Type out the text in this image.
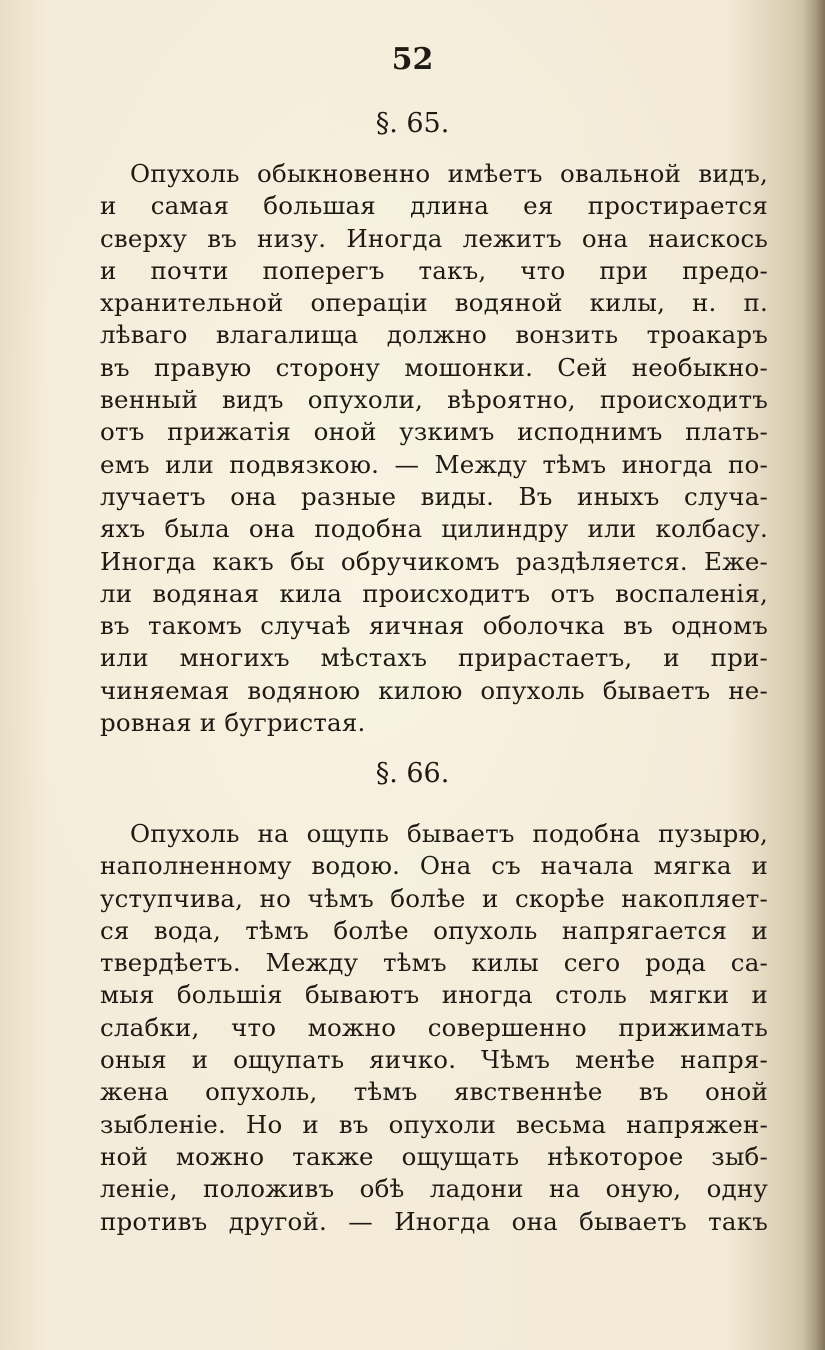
52
§. 65.
Опухоль обыкновенно имѣетъ овальной видъ,
и самая большая длина ея простирается
сверху въ низу. Иногда лежитъ она наискось
и почти поперегъ такъ, что при предо-
хранительной операціи водяной килы, н. п.
лѣваго влагалища должно вонзить троакаръ
въ правую сторону мошонки. Сей необыкно-
венный видъ опухоли, вѣроятно, происходитъ
отъ прижатія оной узкимъ исподнимъ плать-
емъ или подвязкою. — Между тѣмъ иногда по-
лучаетъ она разные виды. Въ иныхъ случа-
яхъ была она подобна цилиндру или колбасу.
Иногда какъ бы обручикомъ раздѣляется. Еже-
ли водяная кила происходитъ отъ воспаленія,
въ такомъ случаѣ яичная оболочка въ одномъ
или многихъ мѣстахъ прирастаетъ, и при-
чиняемая водяною килою опухоль бываетъ не-
ровная и бугристая.
§. 66.
Опухоль на ощупь бываетъ подобна пузырю,
наполненному водою. Она съ начала мягка и
уступчива, но чѣмъ болѣе и скорѣе накопляет-
ся вода, тѣмъ болѣе опухоль напрягается и
твердѣетъ. Между тѣмъ килы сего рода са-
мыя большія бываютъ иногда столь мягки и
слабки, что можно совершенно прижимать
оныя и ощупать яичко. Чѣмъ менѣе напря-
жена опухоль, тѣмъ явственнѣе въ оной
зыбленіе. Но и въ опухоли весьма напряжен-
ной можно также ощущать нѣкоторое зыб-
леніе, положивъ обѣ ладони на оную, одну
противъ другой. — Иногда она бываетъ такъ
